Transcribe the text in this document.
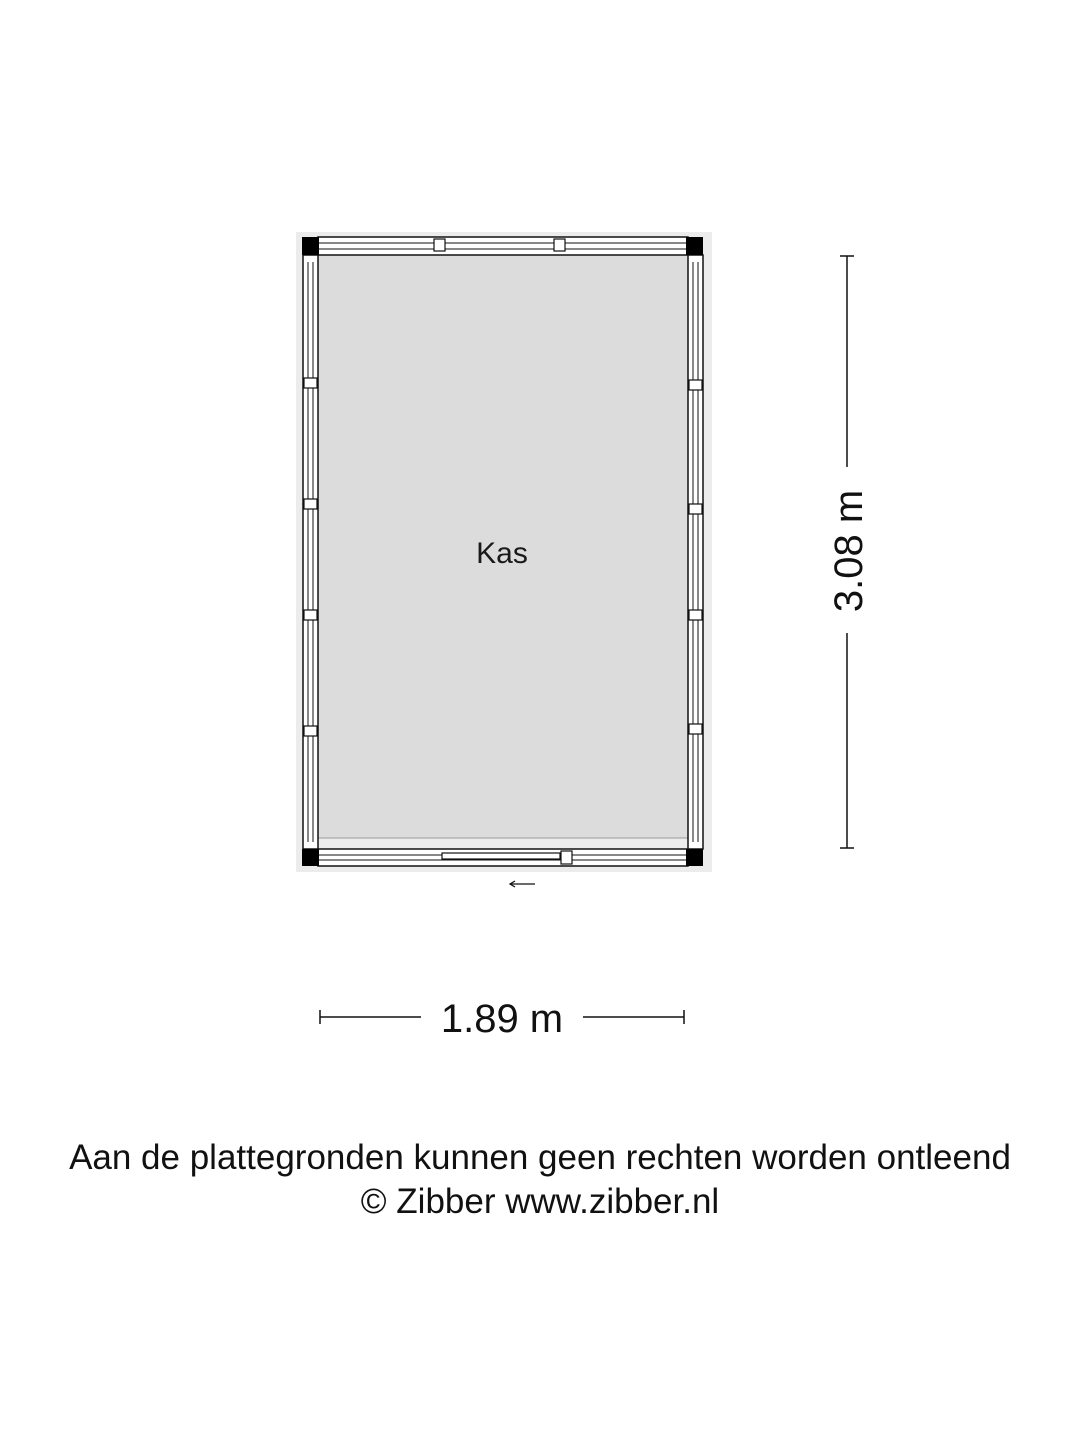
Kas
1.89 m
3.08 m
Aan de plattegronden kunnen geen rechten worden ontleend
© Zibber www.zibber.nl
